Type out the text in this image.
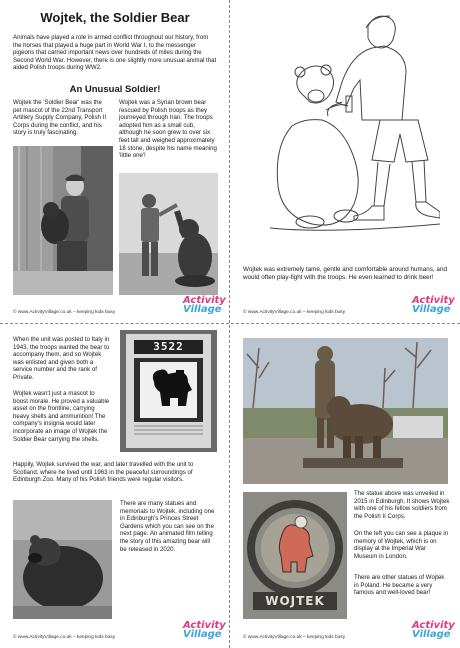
Wojtek, the Soldier Bear

Animals have played a role in armed conflict throughout our history, from the horses that played a huge part in World War I, to the messenger pigeons that carried important news over hundreds of miles during the Second World War. However, there is one slightly more unusual animal that aided Polish troops during WW2.

An Unusual Soldier!

Wojtek the 'Soldier Bear' was the pet mascot of the 22nd Transport Artillery Supply Company, Polish II Corps during the conflict, and his story is truly fascinating.

Wojtek was a Syrian brown bear rescued by Polish troops as they journeyed through Iran. The troops adopted him as a small cub, although he soon grew to over six feet tall and weighed approximately 18 stone, despite his name meaning 'little one'!

© www.ActivityVillage.co.uk – keeping kids busy
Activity
Village

Wojtek was extremely tame, gentle and comfortable around humans, and would often play-fight with the troops. He even learned to drink beer!

© www.ActivityVillage.co.uk – keeping kids busy
Activity
Village

When the unit was posted to Italy in 1943, the troops wanted the bear to accompany them, and so Wojtek was enlisted and given both a service number and the rank of Private.

Wojtek wasn't just a mascot to boost morale. He proved a valuable asset on the frontline, carrying heavy shells and ammunition! The company's insignia would later incorporate an image of Wojtek the Soldier Bear carrying the shells.

3522

Happily, Wojtek survived the war, and later travelled with the unit to Scotland, where he lived until 1963 in the peaceful surroundings of Edinburgh Zoo. Many of his Polish friends were regular visitors.

There are many statues and memorials to Wojtek, including one in Edinburgh's Princes Street Gardens which you can see on the next page. An animated film telling the story of this amazing bear will be released in 2020.

© www.ActivityVillage.co.uk – keeping kids busy
Activity
Village
WOJTEK

The statue above was unveiled in 2015 in Edinburgh. It shows Wojtek with one of his fellow soldiers from the Polish II Corps.

On the left you can see a plaque in memory of Wojtek, which is on display at the Imperial War Museum in London.

There are other statues of Wojtek in Poland. He became a very famous and well-loved bear!

© www.ActivityVillage.co.uk – keeping kids busy
Activity
Village
